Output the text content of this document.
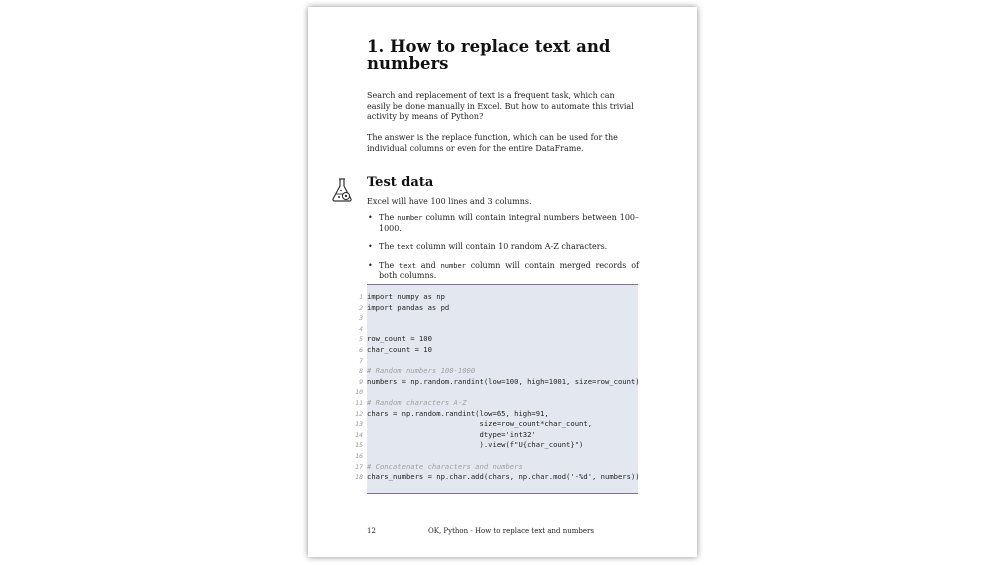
1. How to replace text and
numbers
Search and replacement of text is a frequent task, which can easily be done manually in Excel. But how to automate this trivial activity by means of Python?
The answer is the replace function, which can be used for the individual columns or even for the entire DataFrame.
Test data
Excel will have 100 lines and 3 columns.
• The number column will contain integral numbers between 100–1000.
• The text column will contain 10 random A-Z characters.
• The text and number column will contain merged records of both columns.
1 import numpy as np
2 import pandas as pd
3
4
5 row_count = 100
6 char_count = 10
7
8 # Random numbers 100-1000
9 numbers = np.random.randint(low=100, high=1001, size=row_count)
10
11 # Random characters A-Z
12 chars = np.random.randint(low=65, high=91,
13 size=row_count*char_count,
14 dtype='int32'
15 ).view(f"U{char_count}")
16
17 # Concatenate characters and numbers
18 chars_numbers = np.char.add(chars, np.char.mod('-%d', numbers))
12	OK, Python - How to replace text and numbers
